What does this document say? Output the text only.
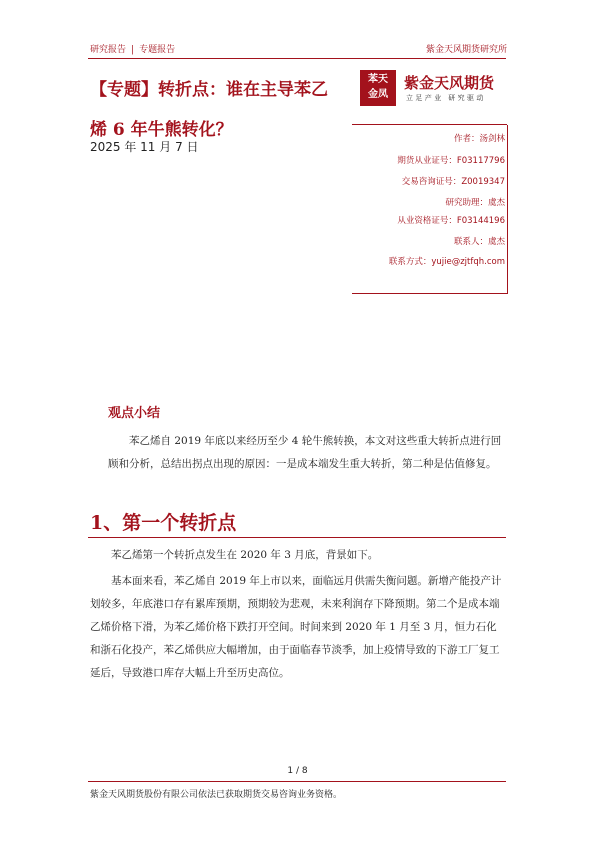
研究报告 | 专题报告	紫金天风期货研究所
【专题】转折点：谁在主导苯乙
烯 6 年牛熊转化？
2025 年 11 月 7 日
苯天金凤
紫金天风期货
立足产业 研究驱动
作者：汤剑林
期货从业证号：F03117796
交易咨询证号：Z0019347
研究助理：虞杰
从业资格证号：F03144196
联系人：虞杰
联系方式：yujie@zjtfqh.com
观点小结
苯乙烯自 2019 年底以来经历至少 4 轮牛熊转换，本文对这些重大转折点进行回顾和分析，总结出拐点出现的原因：一是成本端发生重大转折，第二种是估值修复。
1、第一个转折点
苯乙烯第一个转折点发生在 2020 年 3 月底，背景如下。
基本面来看，苯乙烯自 2019 年上市以来，面临远月供需失衡问题。新增产能投产计划较多，年底港口存有累库预期，预期较为悲观，未来利润存下降预期。第二个是成本端乙烯价格下滑，为苯乙烯价格下跌打开空间。时间来到 2020 年 1 月至 3 月，恒力石化和浙石化投产，苯乙烯供应大幅增加，由于面临春节淡季，加上疫情导致的下游工厂复工延后，导致港口库存大幅上升至历史高位。
1 / 8
紫金天风期货股份有限公司依法已获取期货交易咨询业务资格。
